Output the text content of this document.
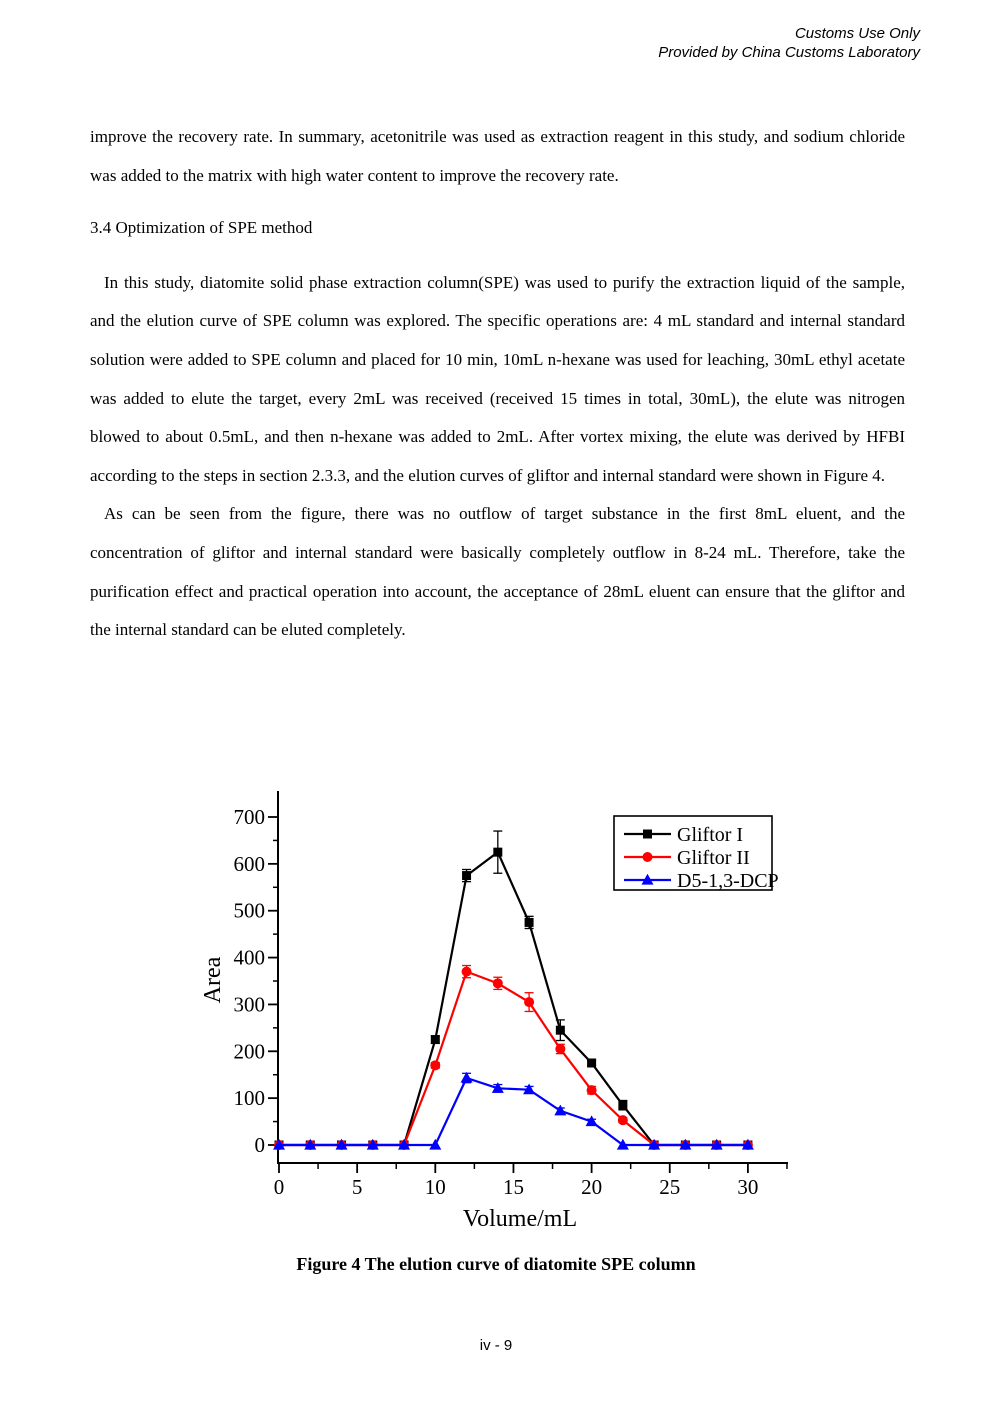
Customs Use Only
Provided by China Customs Laboratory

improve the recovery rate. In summary, acetonitrile was used as extraction reagent in this study, and sodium chloride was added to the matrix with high water content to improve the recovery rate.

3.4 Optimization of SPE method

In this study, diatomite solid phase extraction column(SPE) was used to purify the extraction liquid of the sample, and the elution curve of SPE column was explored. The specific operations are: 4 mL standard and internal standard solution were added to SPE column and placed for 10 min, 10mL n-hexane was used for leaching, 30mL ethyl acetate was added to elute the target, every 2mL was received (received 15 times in total, 30mL), the elute was nitrogen blowed to about 0.5mL, and then n-hexane was added to 2mL. After vortex mixing, the elute was derived by HFBI according to the steps in section 2.3.3, and the elution curves of gliftor and internal standard were shown in Figure 4.

As can be seen from the figure, there was no outflow of target substance in the first 8mL eluent, and the concentration of gliftor and internal standard were basically completely outflow in 8-24 mL. Therefore, take the purification effect and practical operation into account, the acceptance of 28mL eluent can ensure that the gliftor and the internal standard can be eluted completely.

0	5	10	15	20	25	30
0
100
200
300
400
500
600
700
Volume/mL
Area
Gliftor I
Gliftor II
D5-1,3-DCP
Figure 4 The elution curve of diatomite SPE column
iv - 9
